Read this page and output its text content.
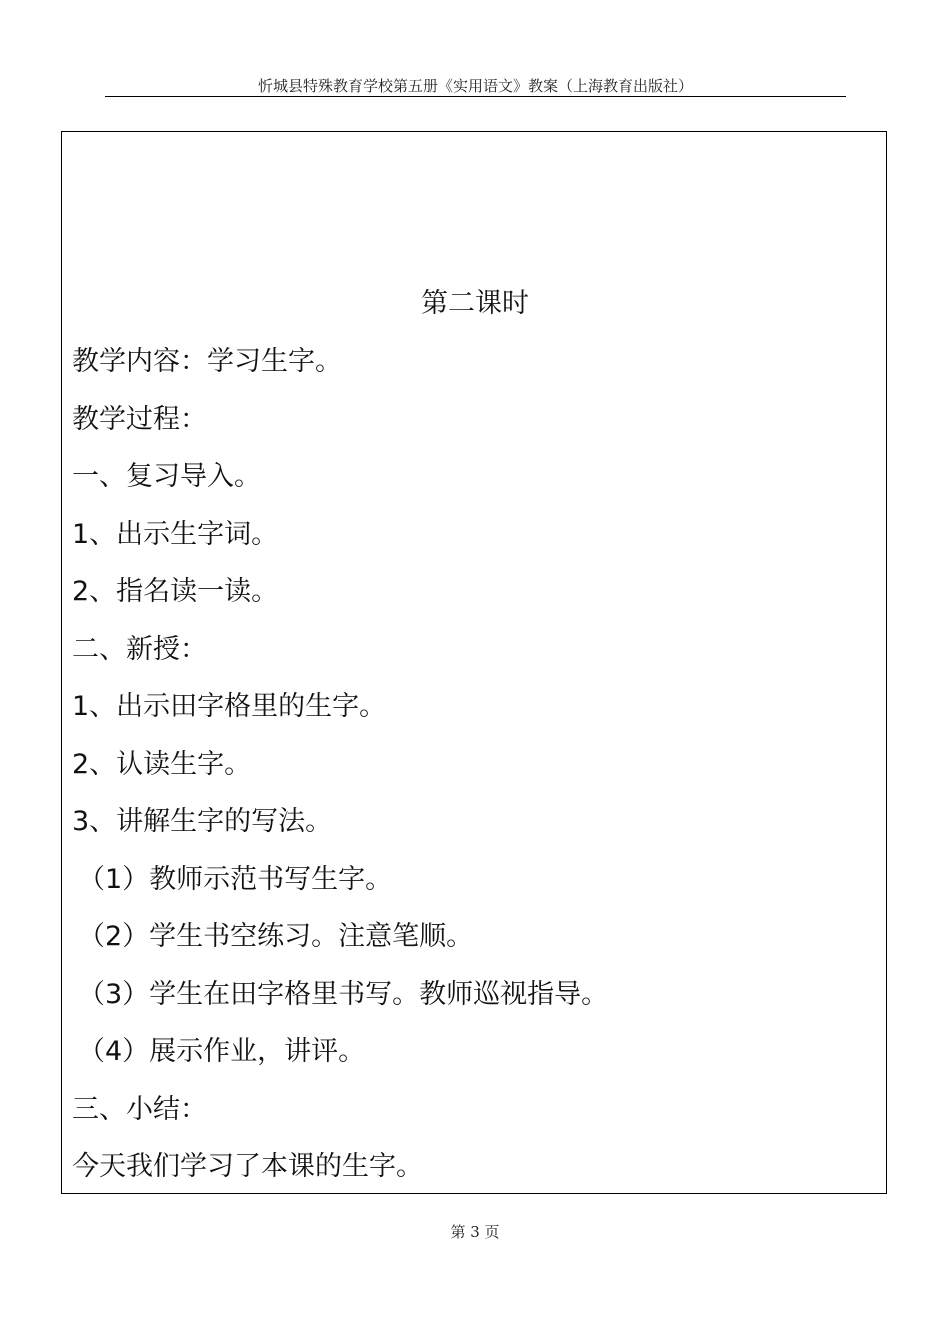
忻城县特殊教育学校第五册《实用语文》教案（上海教育出版社）
第二课时
教学内容：学习生字。
教学过程：
一、复习导入。
1、出示生字词。
2、指名读一读。
二、新授：
1、出示田字格里的生字。
2、认读生字。
3、讲解生字的写法。
（1）教师示范书写生字。
（2）学生书空练习。注意笔顺。
（3）学生在田字格里书写。教师巡视指导。
（4）展示作业，讲评。
三、小结：
今天我们学习了本课的生字。
第 3 页
